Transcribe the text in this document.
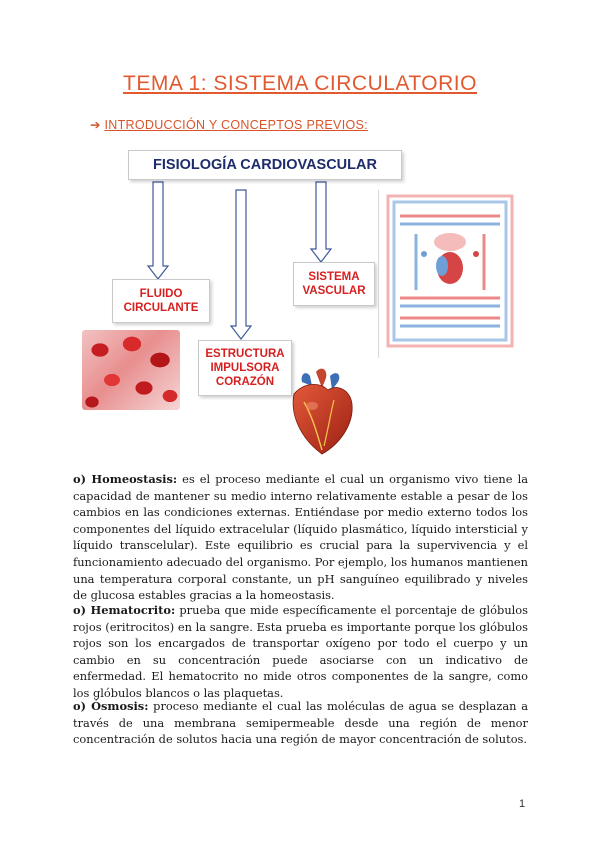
TEMA 1: SISTEMA CIRCULATORIO
➔ INTRODUCCIÓN Y CONCEPTOS PREVIOS:
FISIOLOGÍA CARDIOVASCULAR
FLUIDO
CIRCULANTE
ESTRUCTURA
IMPULSORA
CORAZÓN
SISTEMA
VASCULAR

o) Homeostasis: es el proceso mediante el cual un organismo vivo tiene la capacidad de mantener su medio interno relativamente estable a pesar de los cambios en las condiciones externas. Entiéndase por medio externo todos los componentes del líquido extracelular (líquido plasmático, líquido intersticial y líquido transcelular). Este equilibrio es crucial para la supervivencia y el funcionamiento adecuado del organismo. Por ejemplo, los humanos mantienen una temperatura corporal constante, un pH sanguíneo equilibrado y niveles de glucosa estables gracias a la homeostasis.

o) Hematocrito: prueba que mide específicamente el porcentaje de glóbulos rojos (eritrocitos) en la sangre. Esta prueba es importante porque los glóbulos rojos son los encargados de transportar oxígeno por todo el cuerpo y un cambio en su concentración puede asociarse con un indicativo de enfermedad. El hematocrito no mide otros componentes de la sangre, como los glóbulos blancos o las plaquetas.

o) Ósmosis: proceso mediante el cual las moléculas de agua se desplazan a través de una membrana semipermeable desde una región de menor concentración de solutos hacia una región de mayor concentración de solutos.

1
